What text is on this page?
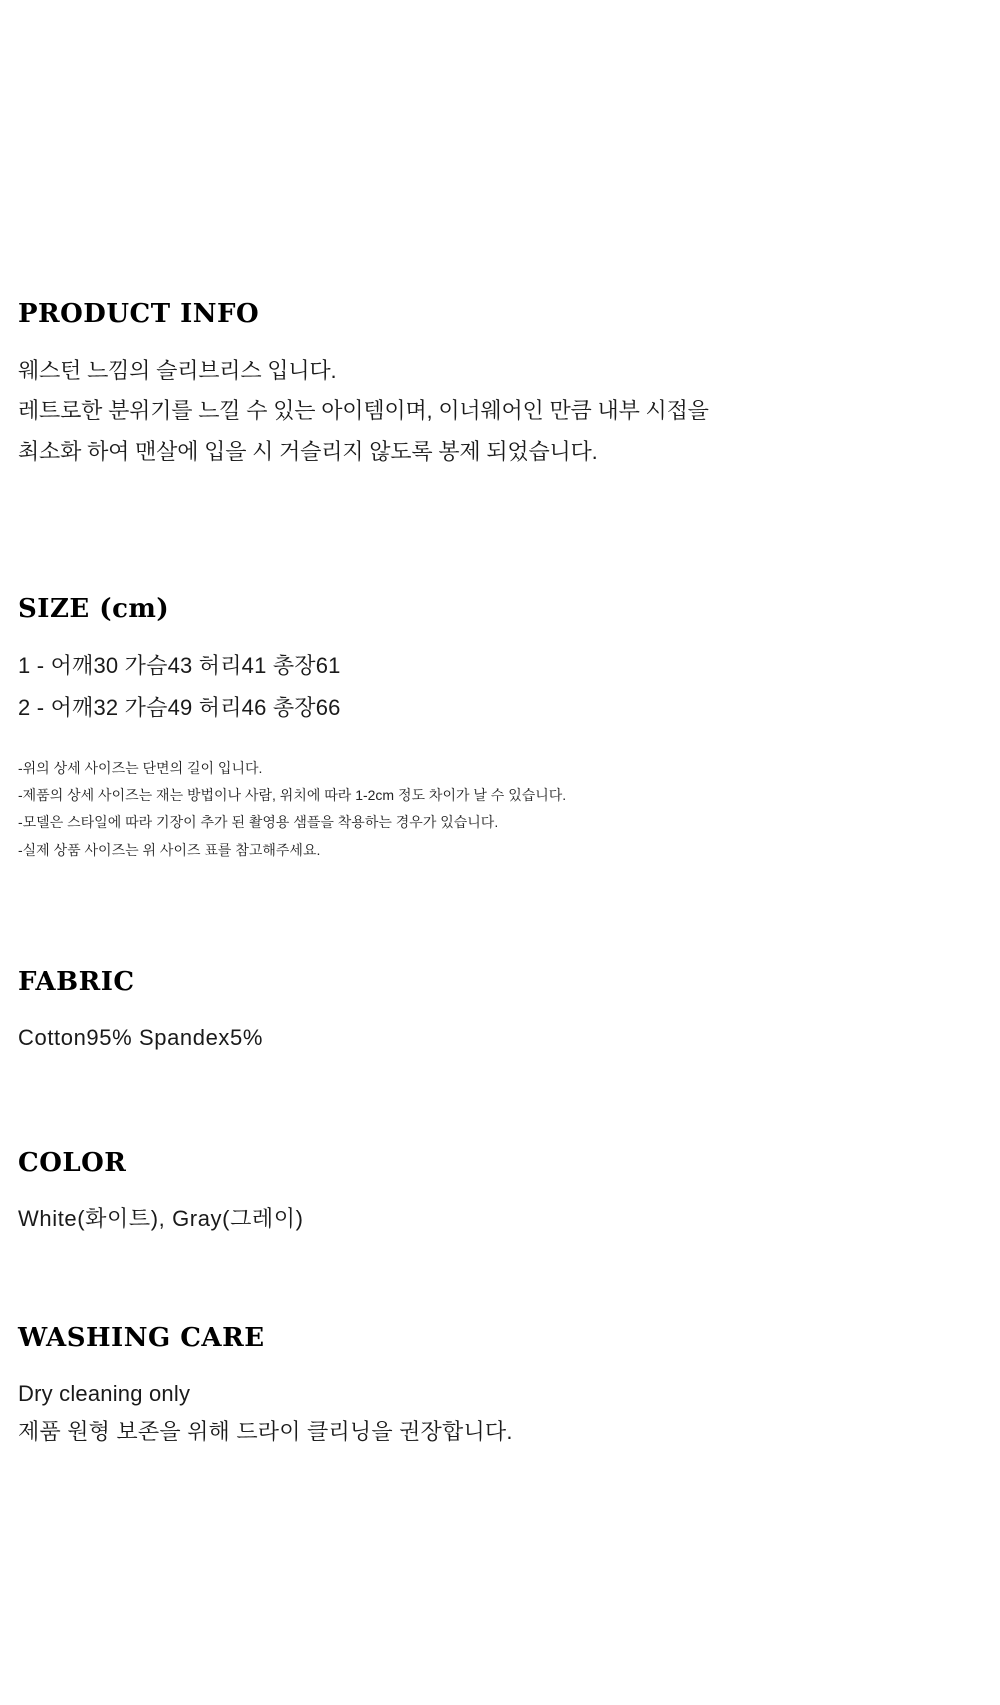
PRODUCT INFO
웨스턴 느낌의 슬리브리스 입니다.
레트로한 분위기를 느낄 수 있는 아이템이며, 이너웨어인 만큼 내부 시접을
최소화 하여 맨살에 입을 시 거슬리지 않도록 봉제 되었습니다.
SIZE (cm)
1 - 어깨30 가슴43 허리41 총장61
2 - 어깨32 가슴49 허리46 총장66
-위의 상세 사이즈는 단면의 길이 입니다.
-제품의 상세 사이즈는 재는 방법이나 사람, 위치에 따라 1-2cm 정도 차이가 날 수 있습니다.
-모델은 스타일에 따라 기장이 추가 된 촬영용 샘플을 착용하는 경우가 있습니다.
-실제 상품 사이즈는 위 사이즈 표를 참고해주세요.
FABRIC
Cotton95% Spandex5%
COLOR
White(화이트), Gray(그레이)
WASHING CARE
Dry cleaning only
제품 원형 보존을 위해 드라이 클리닝을 권장합니다.
